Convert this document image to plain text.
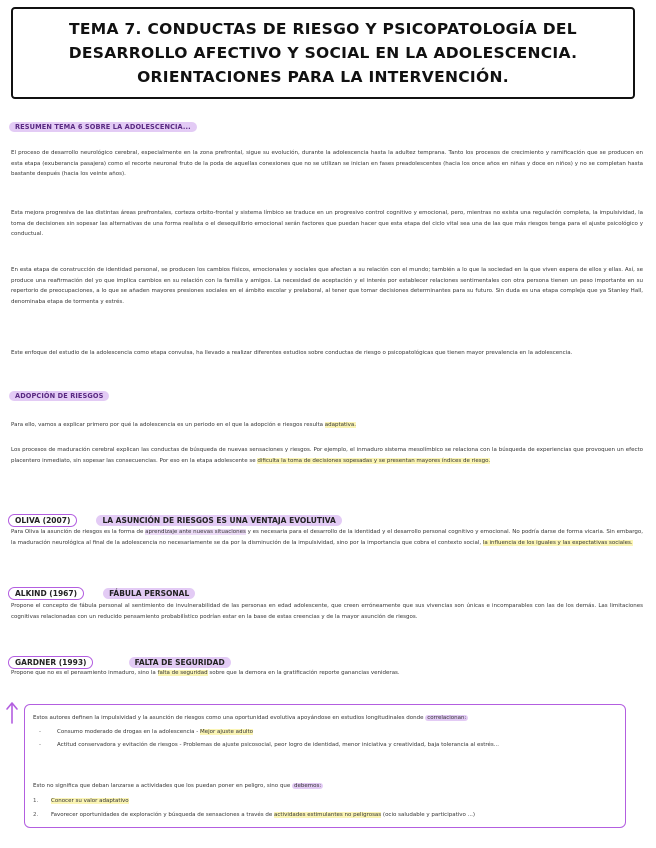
TEMA 7. CONDUCTAS DE RIESGO Y PSICOPATOLOGÍA DEL
DESARROLLO AFECTIVO Y SOCIAL EN LA ADOLESCENCIA.
ORIENTACIONES PARA LA INTERVENCIÓN.
RESUMEN TEMA 6 SOBRE LA ADOLESCENCIA...
El proceso de desarrollo neurológico cerebral, especialmente en la zona prefrontal, sigue su evolución, durante la adolescencia hasta la adultez temprana. Tanto los procesos de crecimiento y ramificación que se producen en esta etapa (exuberancia pasajera) como el recorte neuronal fruto de la poda de aquellas conexiones que no se utilizan se inician en fases preadolescentes (hacia los once años en niñas y doce en niños) y no se completan hasta bastante después (hacia los veinte años).
Esta mejora progresiva de las distintas áreas prefrontales, corteza orbito-frontal y sistema límbico se traduce en un progresivo control cognitivo y emocional, pero, mientras no exista una regulación completa, la impulsividad, la toma de decisiones sin sopesar las alternativas de una forma realista o el desequilibrio emocional serán factores que puedan hacer que esta etapa del ciclo vital sea una de las que más riesgos tenga para el ajuste psicológico y conductual.
En esta etapa de construcción de identidad personal, se producen los cambios físicos, emocionales y sociales que afectan a su relación con el mundo; también a lo que la sociedad en la que viven espera de ellos y ellas. Así, se produce una reafirmación del yo que implica cambios en su relación con la familia y amigos. La necesidad de aceptación y el interés por establecer relaciones sentimentales con otra persona tienen un peso importante en su repertorio de preocupaciones, a lo que se añaden mayores presiones sociales en el ámbito escolar y prelaboral, al tener que tomar decisiones determinantes para su futuro. Sin duda es una etapa compleja que ya Stanley Hall, denominaba etapa de tormenta y estrés.
Este enfoque del estudio de la adolescencia como etapa convulsa, ha llevado a realizar diferentes estudios sobre conductas de riesgo o psicopatológicas que tienen mayor prevalencia en la adolescencia.
ADOPCIÓN DE RIESGOS
Para ello, vamos a explicar primero por qué la adolescencia es un periodo en el que la adopción e riesgos resulta adaptativa.
Los procesos de maduración cerebral explican las conductas de búsqueda de nuevas sensaciones y riesgos. Por ejemplo, el inmaduro sistema mesolímbico se relaciona con la búsqueda de experiencias que provoquen un efecto placentero inmediato, sin sopesar las consecuencias. Por eso en la etapa adolescente se dificulta la toma de decisiones sopesadas y se presentan mayores índices de riesgo.
OLIVA (2007)	LA ASUNCIÓN DE RIESGOS ES UNA VENTAJA EVOLUTIVA
Para Oliva la asunción de riesgos es la forma de aprendizaje ante nuevas situaciones y es necesaria para el desarrollo de la identidad y el desarrollo personal cognitivo y emocional. No podría darse de forma vicaria. Sin embargo, la maduración neurológica al final de la adolescencia no necesariamente se da por la disminución de la impulsividad, sino por la importancia que cobra el contexto social, la influencia de los iguales y las expectativas sociales.
ALKIND (1967)	FÁBULA PERSONAL
Propone el concepto de fábula personal al sentimiento de invulnerabilidad de las personas en edad adolescente, que creen erróneamente que sus vivencias son únicas e incomparables con las de los demás. Las limitaciones cognitivas relacionadas con un reducido pensamiento probabilístico podrían estar en la base de estas creencias y de la mayor asunción de riesgos.
GARDNER (1993)	FALTA DE SEGURIDAD
Propone que no es el pensamiento inmaduro, sino la falta de seguridad sobre que la demora en la gratificación reporte ganancias venideras.
Estos autores definen la impulsividad y la asunción de riesgos como una oportunidad evolutiva apoyándose en estudios longitudinales donde correlacionan:
-	Consumo moderado de drogas en la adolescencia - Mejor ajuste adulto
-	Actitud conservadora y evitación de riesgos - Problemas de ajuste psicosocial, peor logro de identidad, menor iniciativa y creatividad, baja tolerancia al estrés...
Esto no significa que deban lanzarse a actividades que los puedan poner en peligro, sino que debemos:
1. Conocer su valor adaptativo
2. Favorecer oportunidades de exploración y búsqueda de sensaciones a través de actividades estimulantes no peligrosas (ocio saludable y participativo ...)
